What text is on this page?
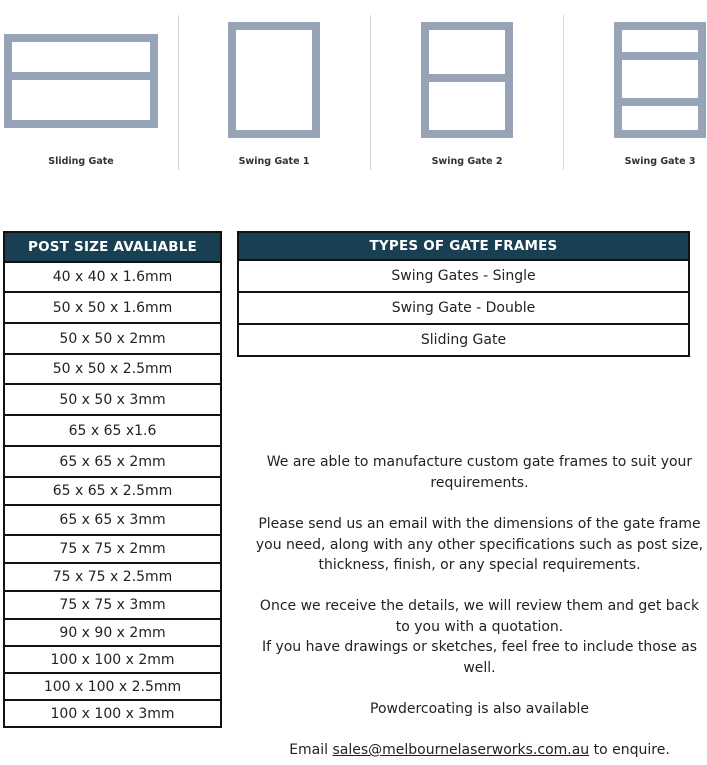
Sliding Gate	Swing Gate 1	Swing Gate 2	Swing Gate 3
POST SIZE AVALIABLE
40 x 40 x 1.6mm
50 x 50 x 1.6mm
50 x 50 x 2mm
50 x 50 x 2.5mm
50 x 50 x 3mm
65 x 65 x1.6
65 x 65 x 2mm
65 x 65 x 2.5mm
65 x 65 x 3mm
75 x 75 x 2mm
75 x 75 x 2.5mm
75 x 75 x 3mm
90 x 90 x 2mm
100 x 100 x 2mm
100 x 100 x 2.5mm
100 x 100 x 3mm
TYPES OF GATE FRAMES
Swing Gates - Single
Swing Gate - Double
Sliding Gate

We are able to manufacture custom gate frames to suit your requirements.

Please send us an email with the dimensions of the gate frame you need, along with any other specifications such as post size, thickness, finish, or any special requirements.

Once we receive the details, we will review them and get back to you with a quotation.

If you have drawings or sketches, feel free to include those as well.

Powdercoating is also available

Email sales@melbournelaserworks.com.au to enquire.
